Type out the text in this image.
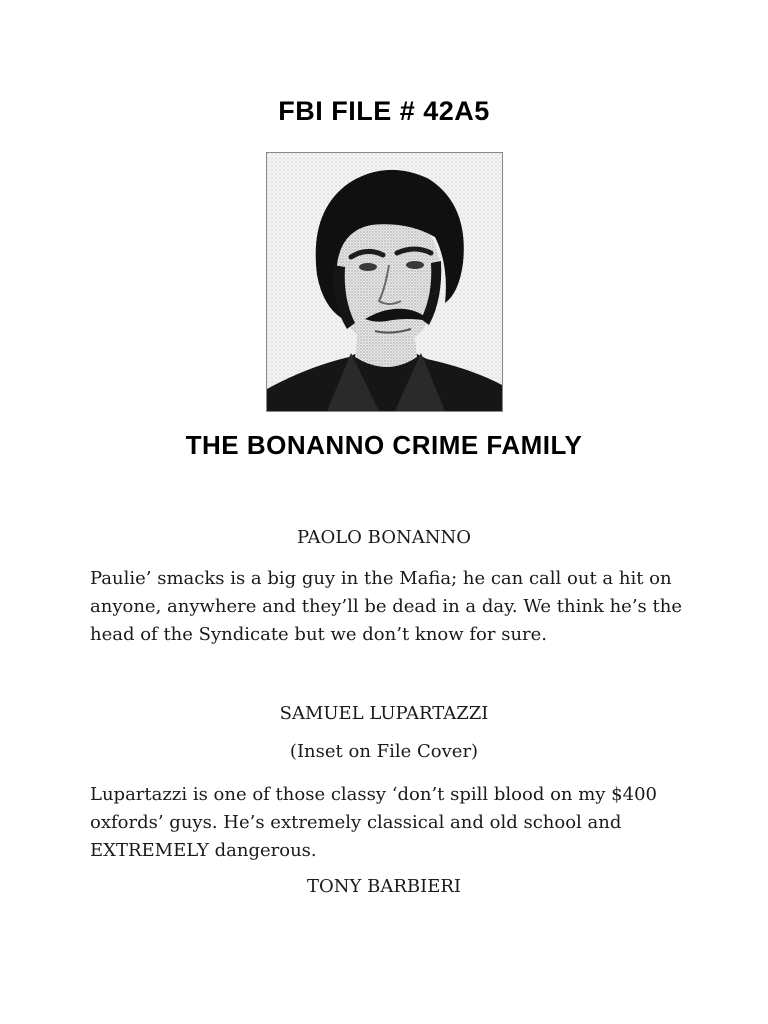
FBI FILE # 42A5
THE BONANNO CRIME FAMILY
PAOLO BONANNO
Paulie’ smacks is a big guy in the Mafia; he can call out a hit on anyone, anywhere and they’ll be dead in a day. We think he’s the head of the Syndicate but we don’t know for sure.
SAMUEL LUPARTAZZI
(Inset on File Cover)
Lupartazzi is one of those classy ‘don’t spill blood on my $400 oxfords’ guys. He’s extremely classical and old school and EXTREMELY dangerous.
TONY BARBIERI
